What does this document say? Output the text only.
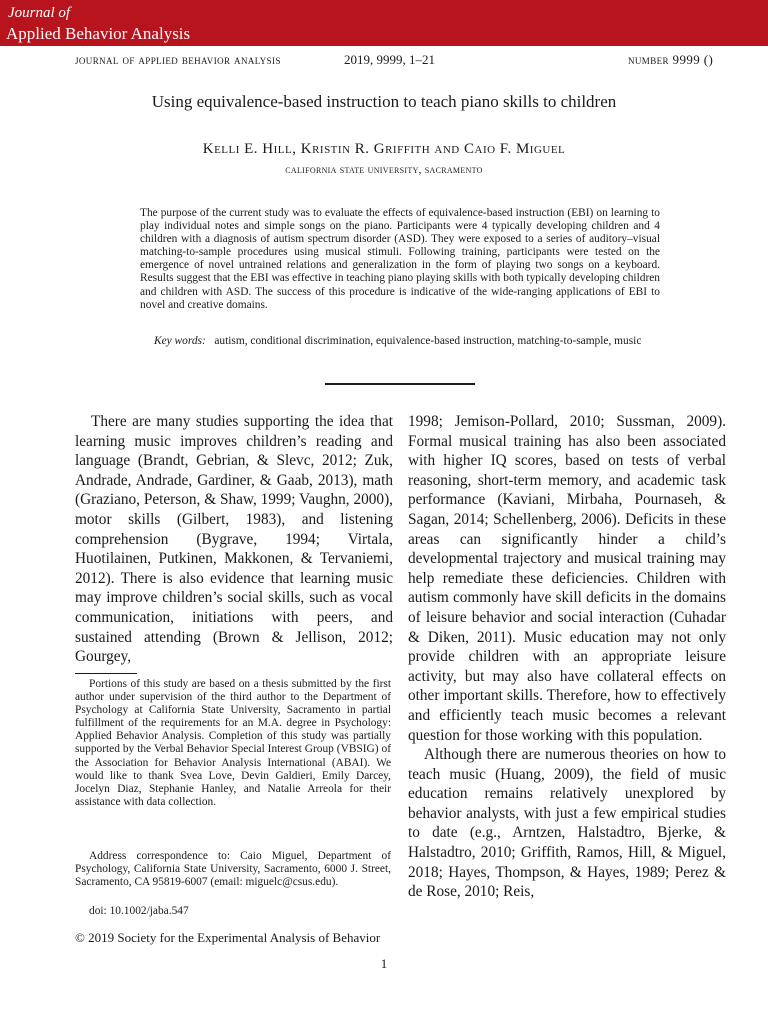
Journal of
Applied Behavior Analysis
journal of applied behavior analysis	2019, 9999, 1–21	number 9999 ()
Using equivalence-based instruction to teach piano skills to children
Kelli E. Hill, Kristin R. Griffith and Caio F. Miguel
california state university, sacramento

The purpose of the current study was to evaluate the effects of equivalence-based instruction (EBI) on learning to play individual notes and simple songs on the piano. Participants were 4 typically developing children and 4 children with a diagnosis of autism spectrum disorder (ASD). They were exposed to a series of auditory–visual matching-to-sample procedures using musical stimuli. Following training, participants were tested on the emergence of novel untrained relations and generalization in the form of playing two songs on a keyboard. Results suggest that the EBI was effective in teaching piano playing skills with both typically developing children and children with ASD. The success of this procedure is indicative of the wide-ranging applications of EBI to novel and creative domains.

Key words: autism, conditional discrimination, equivalence-based instruction, matching-to-sample, music

There are many studies supporting the idea that learning music improves children’s reading and language (Brandt, Gebrian, & Slevc, 2012; Zuk, Andrade, Andrade, Gardiner, & Gaab, 2013), math (Graziano, Peterson, & Shaw, 1999; Vaughn, 2000), motor skills (Gilbert, 1983), and listening comprehension (Bygrave, 1994; Virtala, Huotilainen, Putkinen, Makkonen, & Tervaniemi, 2012). There is also evidence that learning music may improve children’s social skills, such as vocal communication, initiations with peers, and sustained attending (Brown & Jellison, 2012; Gourgey,

1998; Jemison-Pollard, 2010; Sussman, 2009). Formal musical training has also been associated with higher IQ scores, based on tests of verbal reasoning, short-term memory, and academic task performance (Kaviani, Mirbaha, Pournaseh, & Sagan, 2014; Schellenberg, 2006). Deficits in these areas can significantly hinder a child’s developmental trajectory and musical training may help remediate these deficiencies. Children with autism commonly have skill deficits in the domains of leisure behavior and social interaction (Cuhadar & Diken, 2011). Music education may not only provide children with an appropriate leisure activity, but may also have collateral effects on other important skills. Therefore, how to effectively and efficiently teach music becomes a relevant question for those working with this population.

Although there are numerous theories on how to teach music (Huang, 2009), the field of music education remains relatively unexplored by behavior analysts, with just a few empirical studies to date (e.g., Arntzen, Halstadtro, Bjerke, & Halstadtro, 2010; Griffith, Ramos, Hill, & Miguel, 2018; Hayes, Thompson, & Hayes, 1989; Perez & de Rose, 2010; Reis,

Portions of this study are based on a thesis submitted by the first author under supervision of the third author to the Department of Psychology at California State University, Sacramento in partial fulfillment of the requirements for an M.A. degree in Psychology: Applied Behavior Analysis. Completion of this study was partially supported by the Verbal Behavior Special Interest Group (VBSIG) of the Association for Behavior Analysis International (ABAI). We would like to thank Svea Love, Devin Galdieri, Emily Darcey, Jocelyn Diaz, Stephanie Hanley, and Natalie Arreola for their assistance with data collection.

Address correspondence to: Caio Miguel, Department of Psychology, California State University, Sacramento, 6000 J. Street, Sacramento, CA 95819-6007 (email: miguelc@csus.edu).

doi: 10.1002/jaba.547

© 2019 Society for the Experimental Analysis of Behavior
1
